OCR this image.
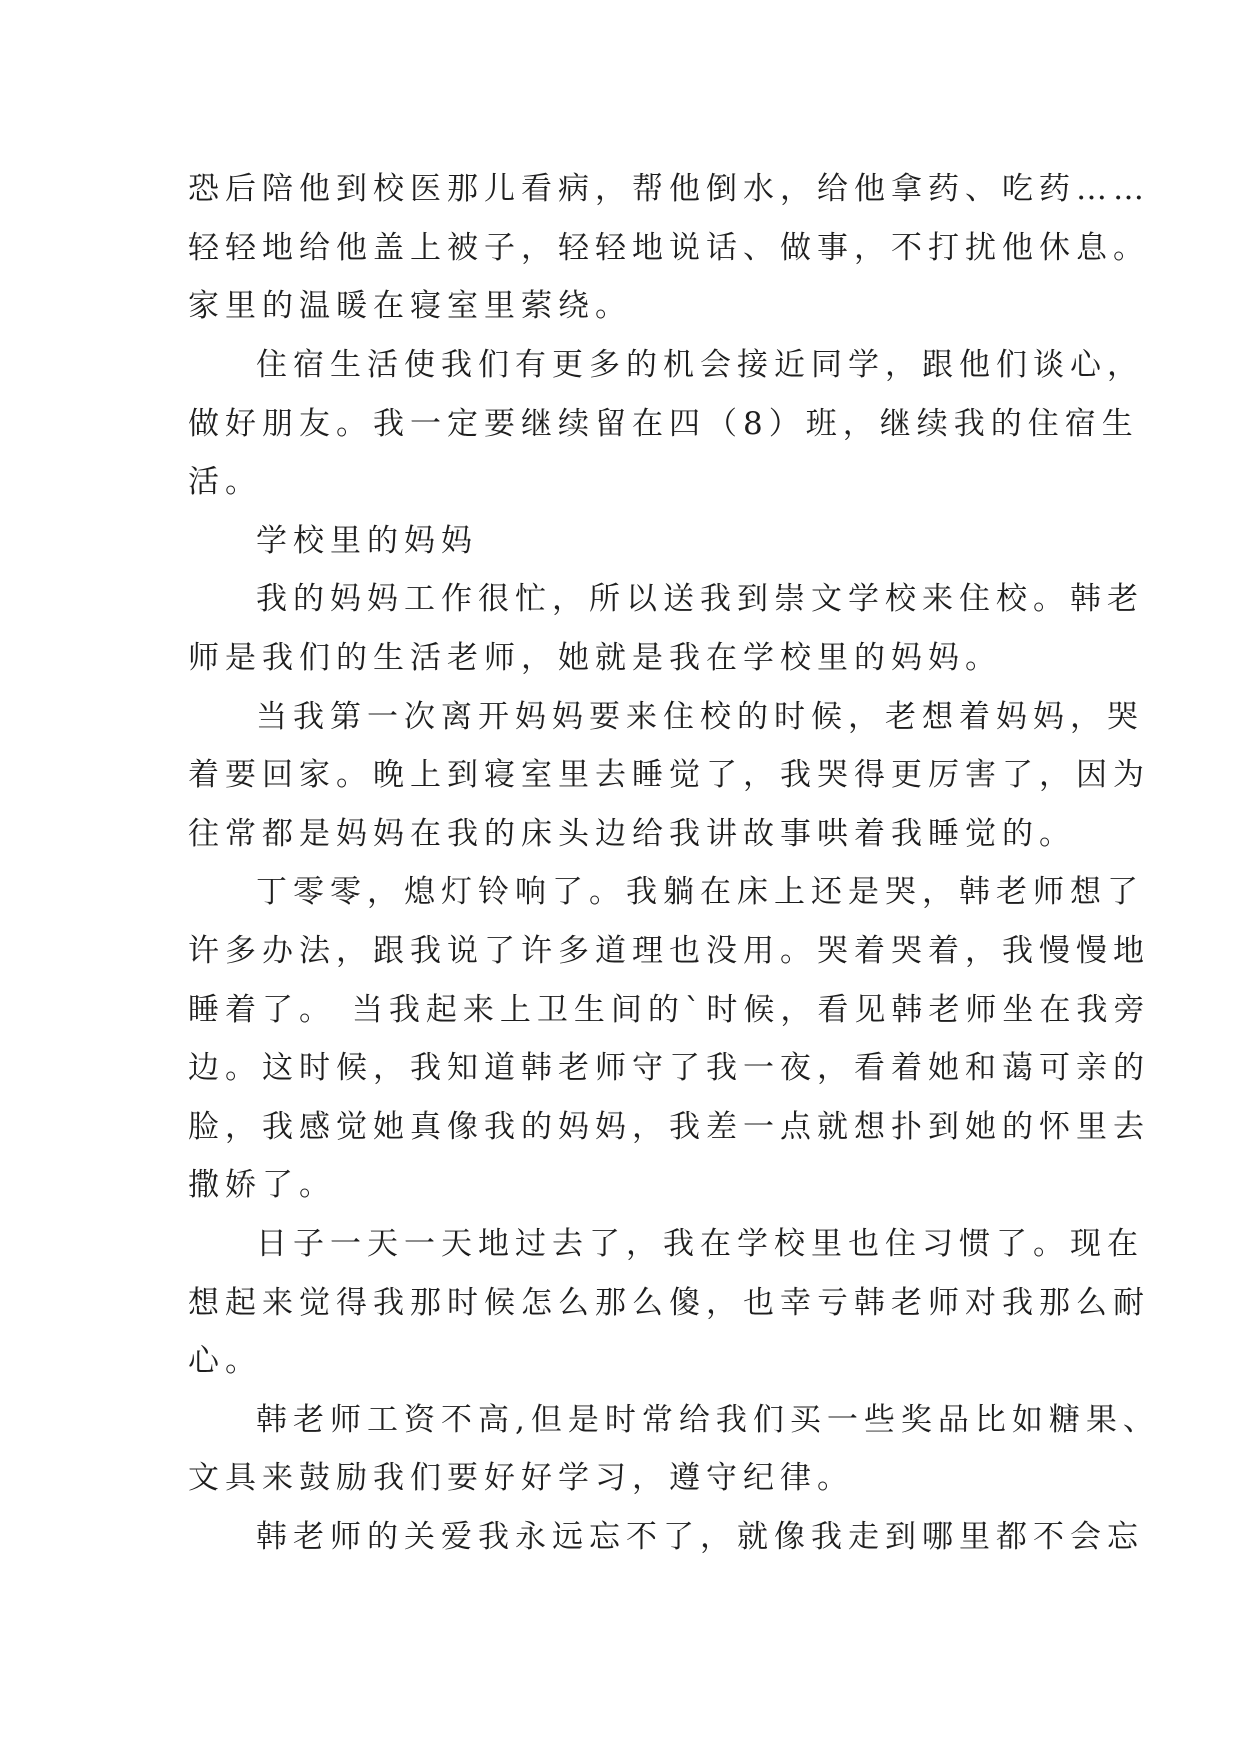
恐后陪他到校医那儿看病，帮他倒水，给他拿药、吃药……
轻轻地给他盖上被子，轻轻地说话、做事，不打扰他休息。
家里的温暖在寝室里萦绕。
住宿生活使我们有更多的机会接近同学，跟他们谈心，
做好朋友。我一定要继续留在四（8）班，继续我的住宿生
活。
学校里的妈妈
我的妈妈工作很忙，所以送我到崇文学校来住校。韩老
师是我们的生活老师，她就是我在学校里的妈妈。
当我第一次离开妈妈要来住校的时候，老想着妈妈，哭
着要回家。晚上到寝室里去睡觉了，我哭得更厉害了，因为
往常都是妈妈在我的床头边给我讲故事哄着我睡觉的。
丁零零，熄灯铃响了。我躺在床上还是哭，韩老师想了
许多办法，跟我说了许多道理也没用。哭着哭着，我慢慢地
睡着了。 当我起来上卫生间的`时候，看见韩老师坐在我旁
边。这时候，我知道韩老师守了我一夜，看着她和蔼可亲的
脸，我感觉她真像我的妈妈，我差一点就想扑到她的怀里去
撒娇了。
日子一天一天地过去了，我在学校里也住习惯了。现在
想起来觉得我那时候怎么那么傻，也幸亏韩老师对我那么耐
心。
韩老师工资不高,但是时常给我们买一些奖品比如糖果、
文具来鼓励我们要好好学习，遵守纪律。
韩老师的关爱我永远忘不了，就像我走到哪里都不会忘
